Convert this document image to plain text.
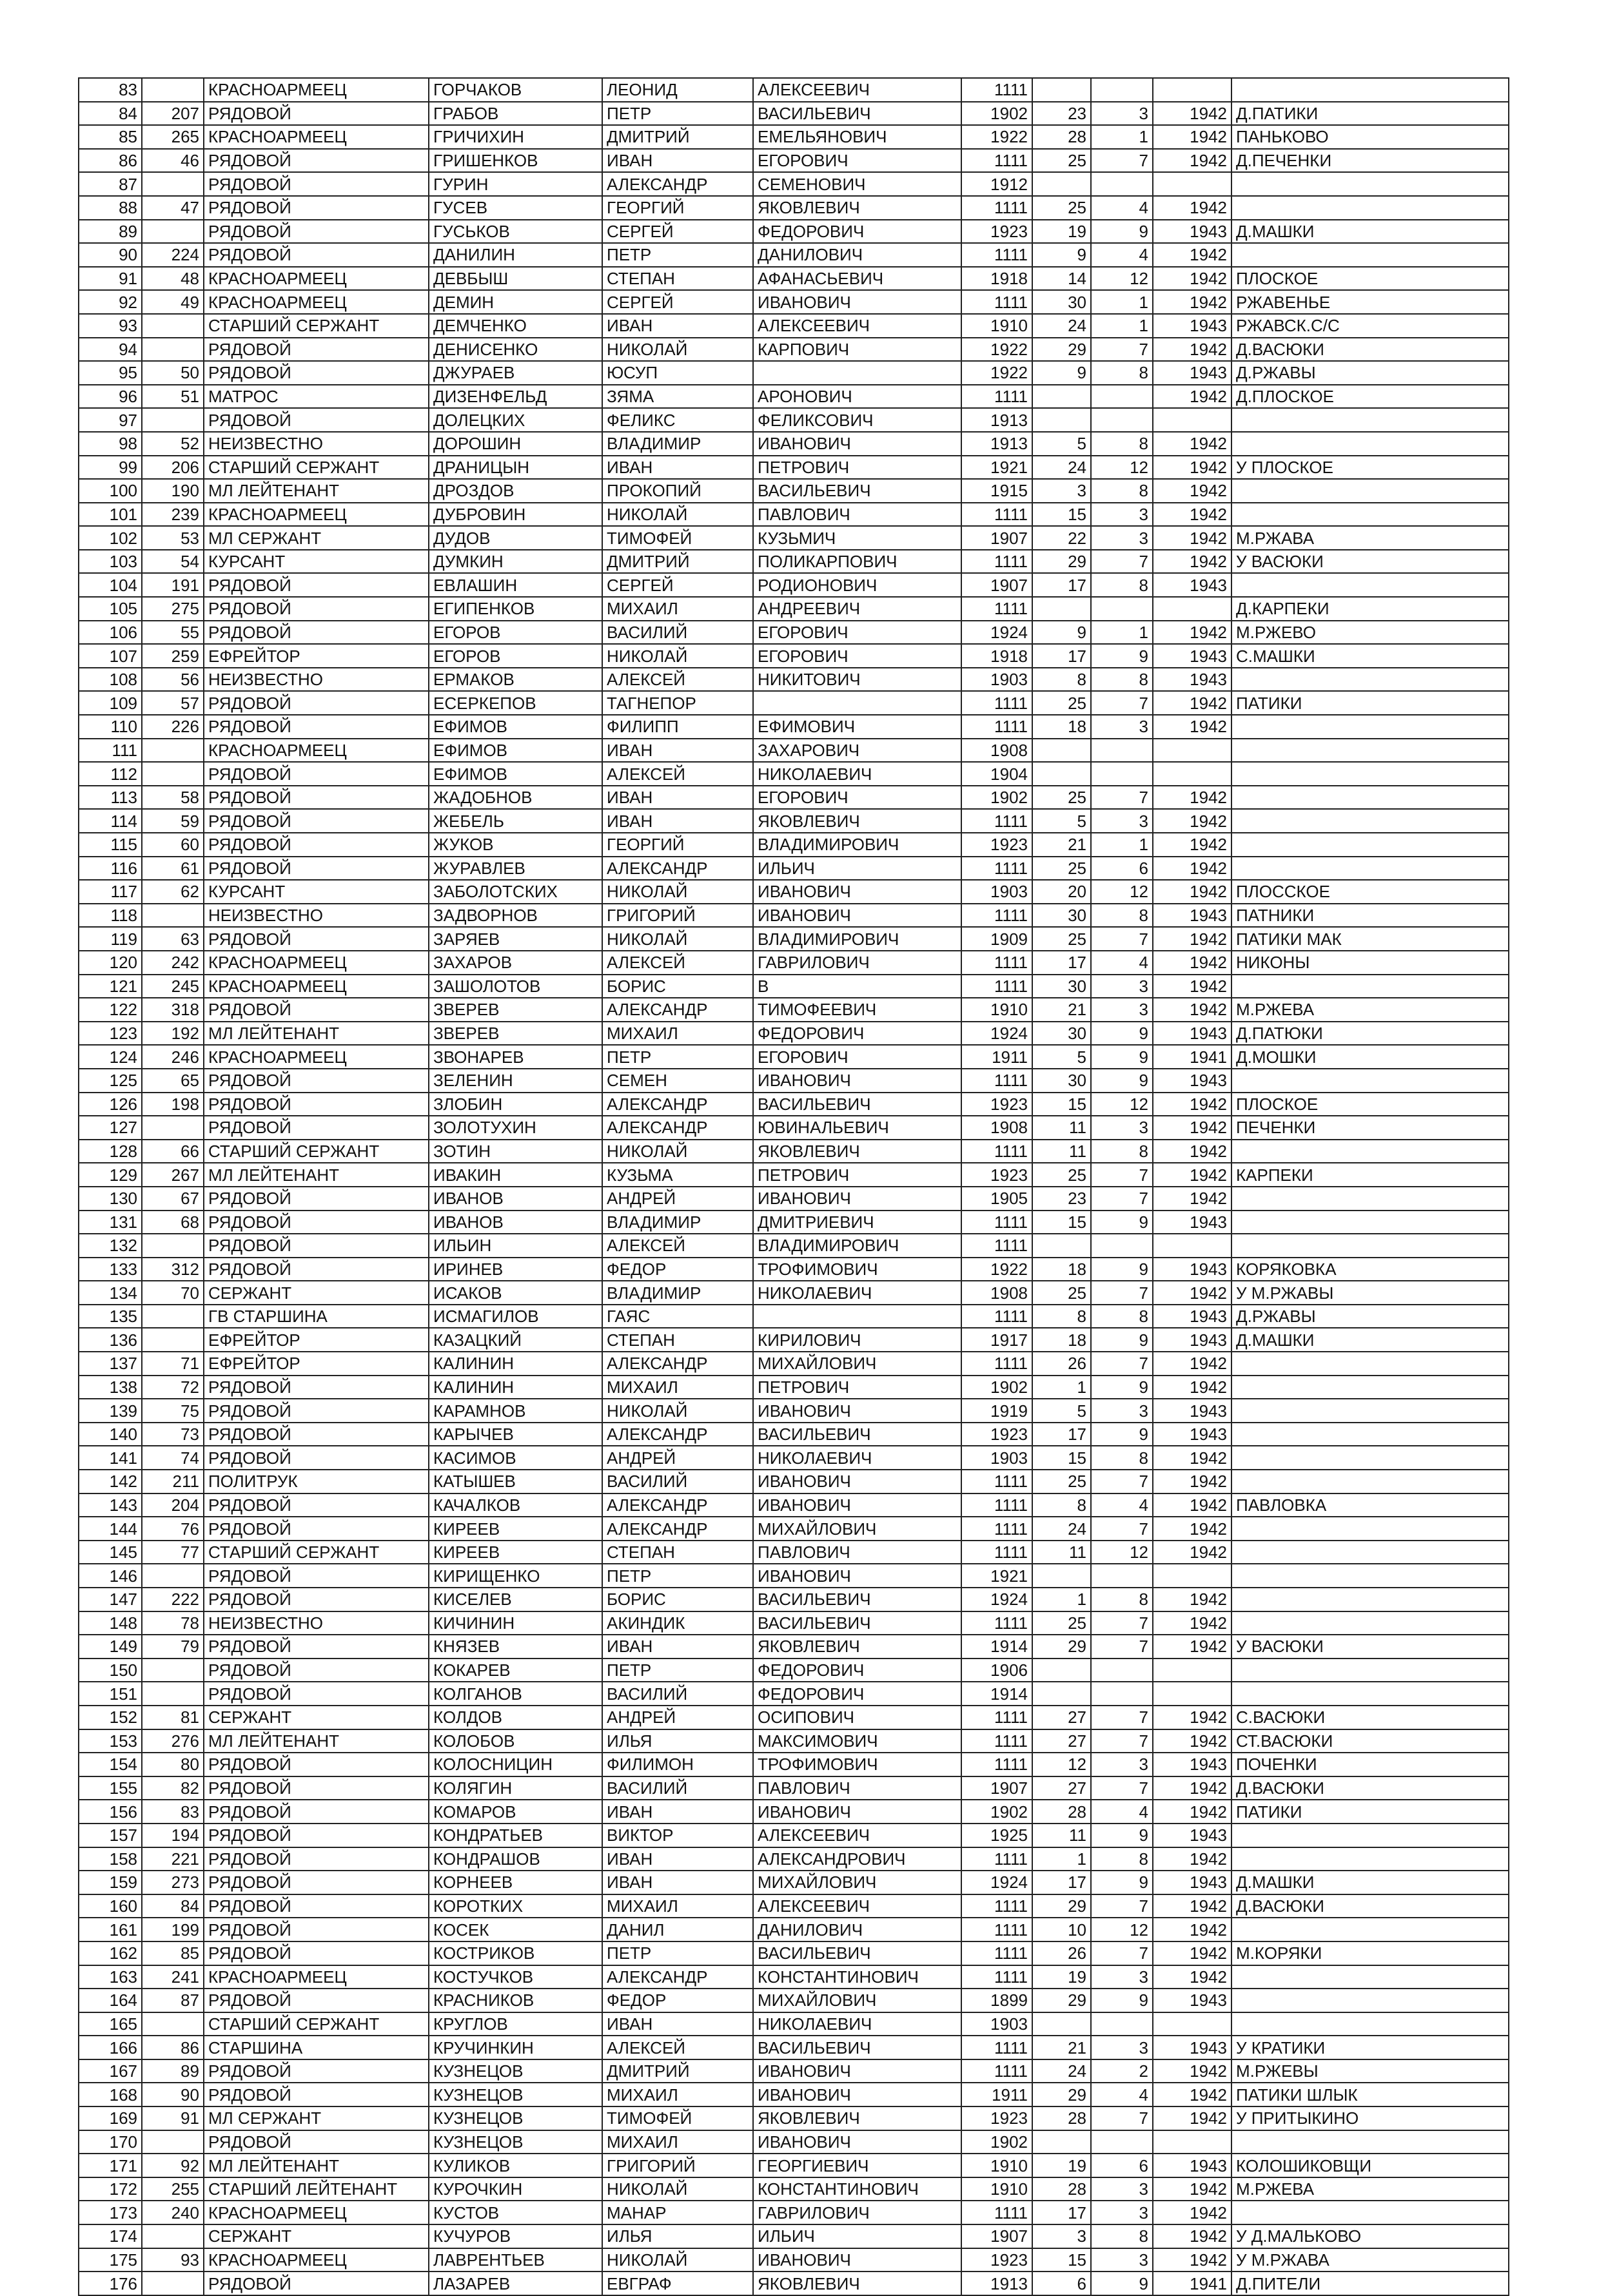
83		КРАСНОАРМЕЕЦ	ГОРЧАКОВ	ЛЕОНИД	АЛЕКСЕЕВИЧ	1111				
84	207	РЯДОВОЙ	ГРАБОВ	ПЕТР	ВАСИЛЬЕВИЧ	1902	23	3	1942	Д.ПАТИКИ
85	265	КРАСНОАРМЕЕЦ	ГРИЧИХИН	ДМИТРИЙ	ЕМЕЛЬЯНОВИЧ	1922	28	1	1942	ПАНЬКОВО
86	46	РЯДОВОЙ	ГРИШЕНКОВ	ИВАН	ЕГОРОВИЧ	1111	25	7	1942	Д.ПЕЧЕНКИ
87		РЯДОВОЙ	ГУРИН	АЛЕКСАНДР	СЕМЕНОВИЧ	1912				
88	47	РЯДОВОЙ	ГУСЕВ	ГЕОРГИЙ	ЯКОВЛЕВИЧ	1111	25	4	1942	
89		РЯДОВОЙ	ГУСЬКОВ	СЕРГЕЙ	ФЕДОРОВИЧ	1923	19	9	1943	Д.МАШКИ
90	224	РЯДОВОЙ	ДАНИЛИН	ПЕТР	ДАНИЛОВИЧ	1111	9	4	1942	
91	48	КРАСНОАРМЕЕЦ	ДЕВБЫШ	СТЕПАН	АФАНАСЬЕВИЧ	1918	14	12	1942	ПЛОСКОЕ
92	49	КРАСНОАРМЕЕЦ	ДЕМИН	СЕРГЕЙ	ИВАНОВИЧ	1111	30	1	1942	РЖАВЕНЬЕ
93		СТАРШИЙ СЕРЖАНТ	ДЕМЧЕНКО	ИВАН	АЛЕКСЕЕВИЧ	1910	24	1	1943	РЖАВСК.С/С
94		РЯДОВОЙ	ДЕНИСЕНКО	НИКОЛАЙ	КАРПОВИЧ	1922	29	7	1942	Д.ВАСЮКИ
95	50	РЯДОВОЙ	ДЖУРАЕВ	ЮСУП		1922	9	8	1943	Д.РЖАВЫ
96	51	МАТРОС	ДИЗЕНФЕЛЬД	ЗЯМА	АРОНОВИЧ	1111			1942	Д.ПЛОСКОЕ
97		РЯДОВОЙ	ДОЛЕЦКИХ	ФЕЛИКС	ФЕЛИКСОВИЧ	1913				
98	52	НЕИЗВЕСТНО	ДОРОШИН	ВЛАДИМИР	ИВАНОВИЧ	1913	5	8	1942	
99	206	СТАРШИЙ СЕРЖАНТ	ДРАНИЦЫН	ИВАН	ПЕТРОВИЧ	1921	24	12	1942	У ПЛОСКОЕ
100	190	МЛ ЛЕЙТЕНАНТ	ДРОЗДОВ	ПРОКОПИЙ	ВАСИЛЬЕВИЧ	1915	3	8	1942	
101	239	КРАСНОАРМЕЕЦ	ДУБРОВИН	НИКОЛАЙ	ПАВЛОВИЧ	1111	15	3	1942	
102	53	МЛ СЕРЖАНТ	ДУДОВ	ТИМОФЕЙ	КУЗЬМИЧ	1907	22	3	1942	М.РЖАВА
103	54	КУРСАНТ	ДУМКИН	ДМИТРИЙ	ПОЛИКАРПОВИЧ	1111	29	7	1942	У ВАСЮКИ
104	191	РЯДОВОЙ	ЕВЛАШИН	СЕРГЕЙ	РОДИОНОВИЧ	1907	17	8	1943	
105	275	РЯДОВОЙ	ЕГИПЕНКОВ	МИХАИЛ	АНДРЕЕВИЧ	1111				Д.КАРПЕКИ
106	55	РЯДОВОЙ	ЕГОРОВ	ВАСИЛИЙ	ЕГОРОВИЧ	1924	9	1	1942	М.РЖЕВО
107	259	ЕФРЕЙТОР	ЕГОРОВ	НИКОЛАЙ	ЕГОРОВИЧ	1918	17	9	1943	С.МАШКИ
108	56	НЕИЗВЕСТНО	ЕРМАКОВ	АЛЕКСЕЙ	НИКИТОВИЧ	1903	8	8	1943	
109	57	РЯДОВОЙ	ЕСЕРКЕПОВ	ТАГНЕПОР		1111	25	7	1942	ПАТИКИ
110	226	РЯДОВОЙ	ЕФИМОВ	ФИЛИПП	ЕФИМОВИЧ	1111	18	3	1942	
111		КРАСНОАРМЕЕЦ	ЕФИМОВ	ИВАН	ЗАХАРОВИЧ	1908				
112		РЯДОВОЙ	ЕФИМОВ	АЛЕКСЕЙ	НИКОЛАЕВИЧ	1904				
113	58	РЯДОВОЙ	ЖАДОБНОВ	ИВАН	ЕГОРОВИЧ	1902	25	7	1942	
114	59	РЯДОВОЙ	ЖЕБЕЛЬ	ИВАН	ЯКОВЛЕВИЧ	1111	5	3	1942	
115	60	РЯДОВОЙ	ЖУКОВ	ГЕОРГИЙ	ВЛАДИМИРОВИЧ	1923	21	1	1942	
116	61	РЯДОВОЙ	ЖУРАВЛЕВ	АЛЕКСАНДР	ИЛЬИЧ	1111	25	6	1942	
117	62	КУРСАНТ	ЗАБОЛОТСКИХ	НИКОЛАЙ	ИВАНОВИЧ	1903	20	12	1942	ПЛОССКОЕ
118		НЕИЗВЕСТНО	ЗАДВОРНОВ	ГРИГОРИЙ	ИВАНОВИЧ	1111	30	8	1943	ПАТНИКИ
119	63	РЯДОВОЙ	ЗАРЯЕВ	НИКОЛАЙ	ВЛАДИМИРОВИЧ	1909	25	7	1942	ПАТИКИ МАК
120	242	КРАСНОАРМЕЕЦ	ЗАХАРОВ	АЛЕКСЕЙ	ГАВРИЛОВИЧ	1111	17	4	1942	НИКОНЫ
121	245	КРАСНОАРМЕЕЦ	ЗАШОЛОТОВ	БОРИС	В	1111	30	3	1942	
122	318	РЯДОВОЙ	ЗВЕРЕВ	АЛЕКСАНДР	ТИМОФЕЕВИЧ	1910	21	3	1942	М.РЖЕВА
123	192	МЛ ЛЕЙТЕНАНТ	ЗВЕРЕВ	МИХАИЛ	ФЕДОРОВИЧ	1924	30	9	1943	Д.ПАТЮКИ
124	246	КРАСНОАРМЕЕЦ	ЗВОНАРЕВ	ПЕТР	ЕГОРОВИЧ	1911	5	9	1941	Д.МОШКИ
125	65	РЯДОВОЙ	ЗЕЛЕНИН	СЕМЕН	ИВАНОВИЧ	1111	30	9	1943	
126	198	РЯДОВОЙ	ЗЛОБИН	АЛЕКСАНДР	ВАСИЛЬЕВИЧ	1923	15	12	1942	ПЛОСКОЕ
127		РЯДОВОЙ	ЗОЛОТУХИН	АЛЕКСАНДР	ЮВИНАЛЬЕВИЧ	1908	11	3	1942	ПЕЧЕНКИ
128	66	СТАРШИЙ СЕРЖАНТ	ЗОТИН	НИКОЛАЙ	ЯКОВЛЕВИЧ	1111	11	8	1942	
129	267	МЛ ЛЕЙТЕНАНТ	ИВАКИН	КУЗЬМА	ПЕТРОВИЧ	1923	25	7	1942	КАРПЕКИ
130	67	РЯДОВОЙ	ИВАНОВ	АНДРЕЙ	ИВАНОВИЧ	1905	23	7	1942	
131	68	РЯДОВОЙ	ИВАНОВ	ВЛАДИМИР	ДМИТРИЕВИЧ	1111	15	9	1943	
132		РЯДОВОЙ	ИЛЬИН	АЛЕКСЕЙ	ВЛАДИМИРОВИЧ	1111				
133	312	РЯДОВОЙ	ИРИНЕВ	ФЕДОР	ТРОФИМОВИЧ	1922	18	9	1943	КОРЯКОВКА
134	70	СЕРЖАНТ	ИСАКОВ	ВЛАДИМИР	НИКОЛАЕВИЧ	1908	25	7	1942	У М.РЖАВЫ
135		ГВ СТАРШИНА	ИСМАГИЛОВ	ГАЯС		1111	8	8	1943	Д.РЖАВЫ
136		ЕФРЕЙТОР	КАЗАЦКИЙ	СТЕПАН	КИРИЛОВИЧ	1917	18	9	1943	Д.МАШКИ
137	71	ЕФРЕЙТОР	КАЛИНИН	АЛЕКСАНДР	МИХАЙЛОВИЧ	1111	26	7	1942	
138	72	РЯДОВОЙ	КАЛИНИН	МИХАИЛ	ПЕТРОВИЧ	1902	1	9	1942	
139	75	РЯДОВОЙ	КАРАМНОВ	НИКОЛАЙ	ИВАНОВИЧ	1919	5	3	1943	
140	73	РЯДОВОЙ	КАРЫЧЕВ	АЛЕКСАНДР	ВАСИЛЬЕВИЧ	1923	17	9	1943	
141	74	РЯДОВОЙ	КАСИМОВ	АНДРЕЙ	НИКОЛАЕВИЧ	1903	15	8	1942	
142	211	ПОЛИТРУК	КАТЫШЕВ	ВАСИЛИЙ	ИВАНОВИЧ	1111	25	7	1942	
143	204	РЯДОВОЙ	КАЧАЛКОВ	АЛЕКСАНДР	ИВАНОВИЧ	1111	8	4	1942	ПАВЛОВКА
144	76	РЯДОВОЙ	КИРЕЕВ	АЛЕКСАНДР	МИХАЙЛОВИЧ	1111	24	7	1942	
145	77	СТАРШИЙ СЕРЖАНТ	КИРЕЕВ	СТЕПАН	ПАВЛОВИЧ	1111	11	12	1942	
146		РЯДОВОЙ	КИРИЩЕНКО	ПЕТР	ИВАНОВИЧ	1921				
147	222	РЯДОВОЙ	КИСЕЛЕВ	БОРИС	ВАСИЛЬЕВИЧ	1924	1	8	1942	
148	78	НЕИЗВЕСТНО	КИЧИНИН	АКИНДИК	ВАСИЛЬЕВИЧ	1111	25	7	1942	
149	79	РЯДОВОЙ	КНЯЗЕВ	ИВАН	ЯКОВЛЕВИЧ	1914	29	7	1942	У ВАСЮКИ
150		РЯДОВОЙ	КОКАРЕВ	ПЕТР	ФЕДОРОВИЧ	1906				
151		РЯДОВОЙ	КОЛГАНОВ	ВАСИЛИЙ	ФЕДОРОВИЧ	1914				
152	81	СЕРЖАНТ	КОЛДОВ	АНДРЕЙ	ОСИПОВИЧ	1111	27	7	1942	С.ВАСЮКИ
153	276	МЛ ЛЕЙТЕНАНТ	КОЛОБОВ	ИЛЬЯ	МАКСИМОВИЧ	1111	27	7	1942	СТ.ВАСЮКИ
154	80	РЯДОВОЙ	КОЛОСНИЦИН	ФИЛИМОН	ТРОФИМОВИЧ	1111	12	3	1943	ПОЧЕНКИ
155	82	РЯДОВОЙ	КОЛЯГИН	ВАСИЛИЙ	ПАВЛОВИЧ	1907	27	7	1942	Д.ВАСЮКИ
156	83	РЯДОВОЙ	КОМАРОВ	ИВАН	ИВАНОВИЧ	1902	28	4	1942	ПАТИКИ
157	194	РЯДОВОЙ	КОНДРАТЬЕВ	ВИКТОР	АЛЕКСЕЕВИЧ	1925	11	9	1943	
158	221	РЯДОВОЙ	КОНДРАШОВ	ИВАН	АЛЕКСАНДРОВИЧ	1111	1	8	1942	
159	273	РЯДОВОЙ	КОРНЕЕВ	ИВАН	МИХАЙЛОВИЧ	1924	17	9	1943	Д.МАШКИ
160	84	РЯДОВОЙ	КОРОТКИХ	МИХАИЛ	АЛЕКСЕЕВИЧ	1111	29	7	1942	Д.ВАСЮКИ
161	199	РЯДОВОЙ	КОСЕК	ДАНИЛ	ДАНИЛОВИЧ	1111	10	12	1942	
162	85	РЯДОВОЙ	КОСТРИКОВ	ПЕТР	ВАСИЛЬЕВИЧ	1111	26	7	1942	М.КОРЯКИ
163	241	КРАСНОАРМЕЕЦ	КОСТУЧКОВ	АЛЕКСАНДР	КОНСТАНТИНОВИЧ	1111	19	3	1942	
164	87	РЯДОВОЙ	КРАСНИКОВ	ФЕДОР	МИХАЙЛОВИЧ	1899	29	9	1943	
165		СТАРШИЙ СЕРЖАНТ	КРУГЛОВ	ИВАН	НИКОЛАЕВИЧ	1903				
166	86	СТАРШИНА	КРУЧИНКИН	АЛЕКСЕЙ	ВАСИЛЬЕВИЧ	1111	21	3	1943	У КРАТИКИ
167	89	РЯДОВОЙ	КУЗНЕЦОВ	ДМИТРИЙ	ИВАНОВИЧ	1111	24	2	1942	М.РЖЕВЫ
168	90	РЯДОВОЙ	КУЗНЕЦОВ	МИХАИЛ	ИВАНОВИЧ	1911	29	4	1942	ПАТИКИ ШЛЫК
169	91	МЛ СЕРЖАНТ	КУЗНЕЦОВ	ТИМОФЕЙ	ЯКОВЛЕВИЧ	1923	28	7	1942	У ПРИТЫКИНО
170		РЯДОВОЙ	КУЗНЕЦОВ	МИХАИЛ	ИВАНОВИЧ	1902				
171	92	МЛ ЛЕЙТЕНАНТ	КУЛИКОВ	ГРИГОРИЙ	ГЕОРГИЕВИЧ	1910	19	6	1943	КОЛОШИКОВЩИ
172	255	СТАРШИЙ ЛЕЙТЕНАНТ	КУРОЧКИН	НИКОЛАЙ	КОНСТАНТИНОВИЧ	1910	28	3	1942	М.РЖЕВА
173	240	КРАСНОАРМЕЕЦ	КУСТОВ	МАНАР	ГАВРИЛОВИЧ	1111	17	3	1942	
174		СЕРЖАНТ	КУЧУРОВ	ИЛЬЯ	ИЛЬИЧ	1907	3	8	1942	У Д.МАЛЬКОВО
175	93	КРАСНОАРМЕЕЦ	ЛАВРЕНТЬЕВ	НИКОЛАЙ	ИВАНОВИЧ	1923	15	3	1942	У М.РЖАВА
176		РЯДОВОЙ	ЛАЗАРЕВ	ЕВГРАФ	ЯКОВЛЕВИЧ	1913	6	9	1941	Д.ПИТЕЛИ
